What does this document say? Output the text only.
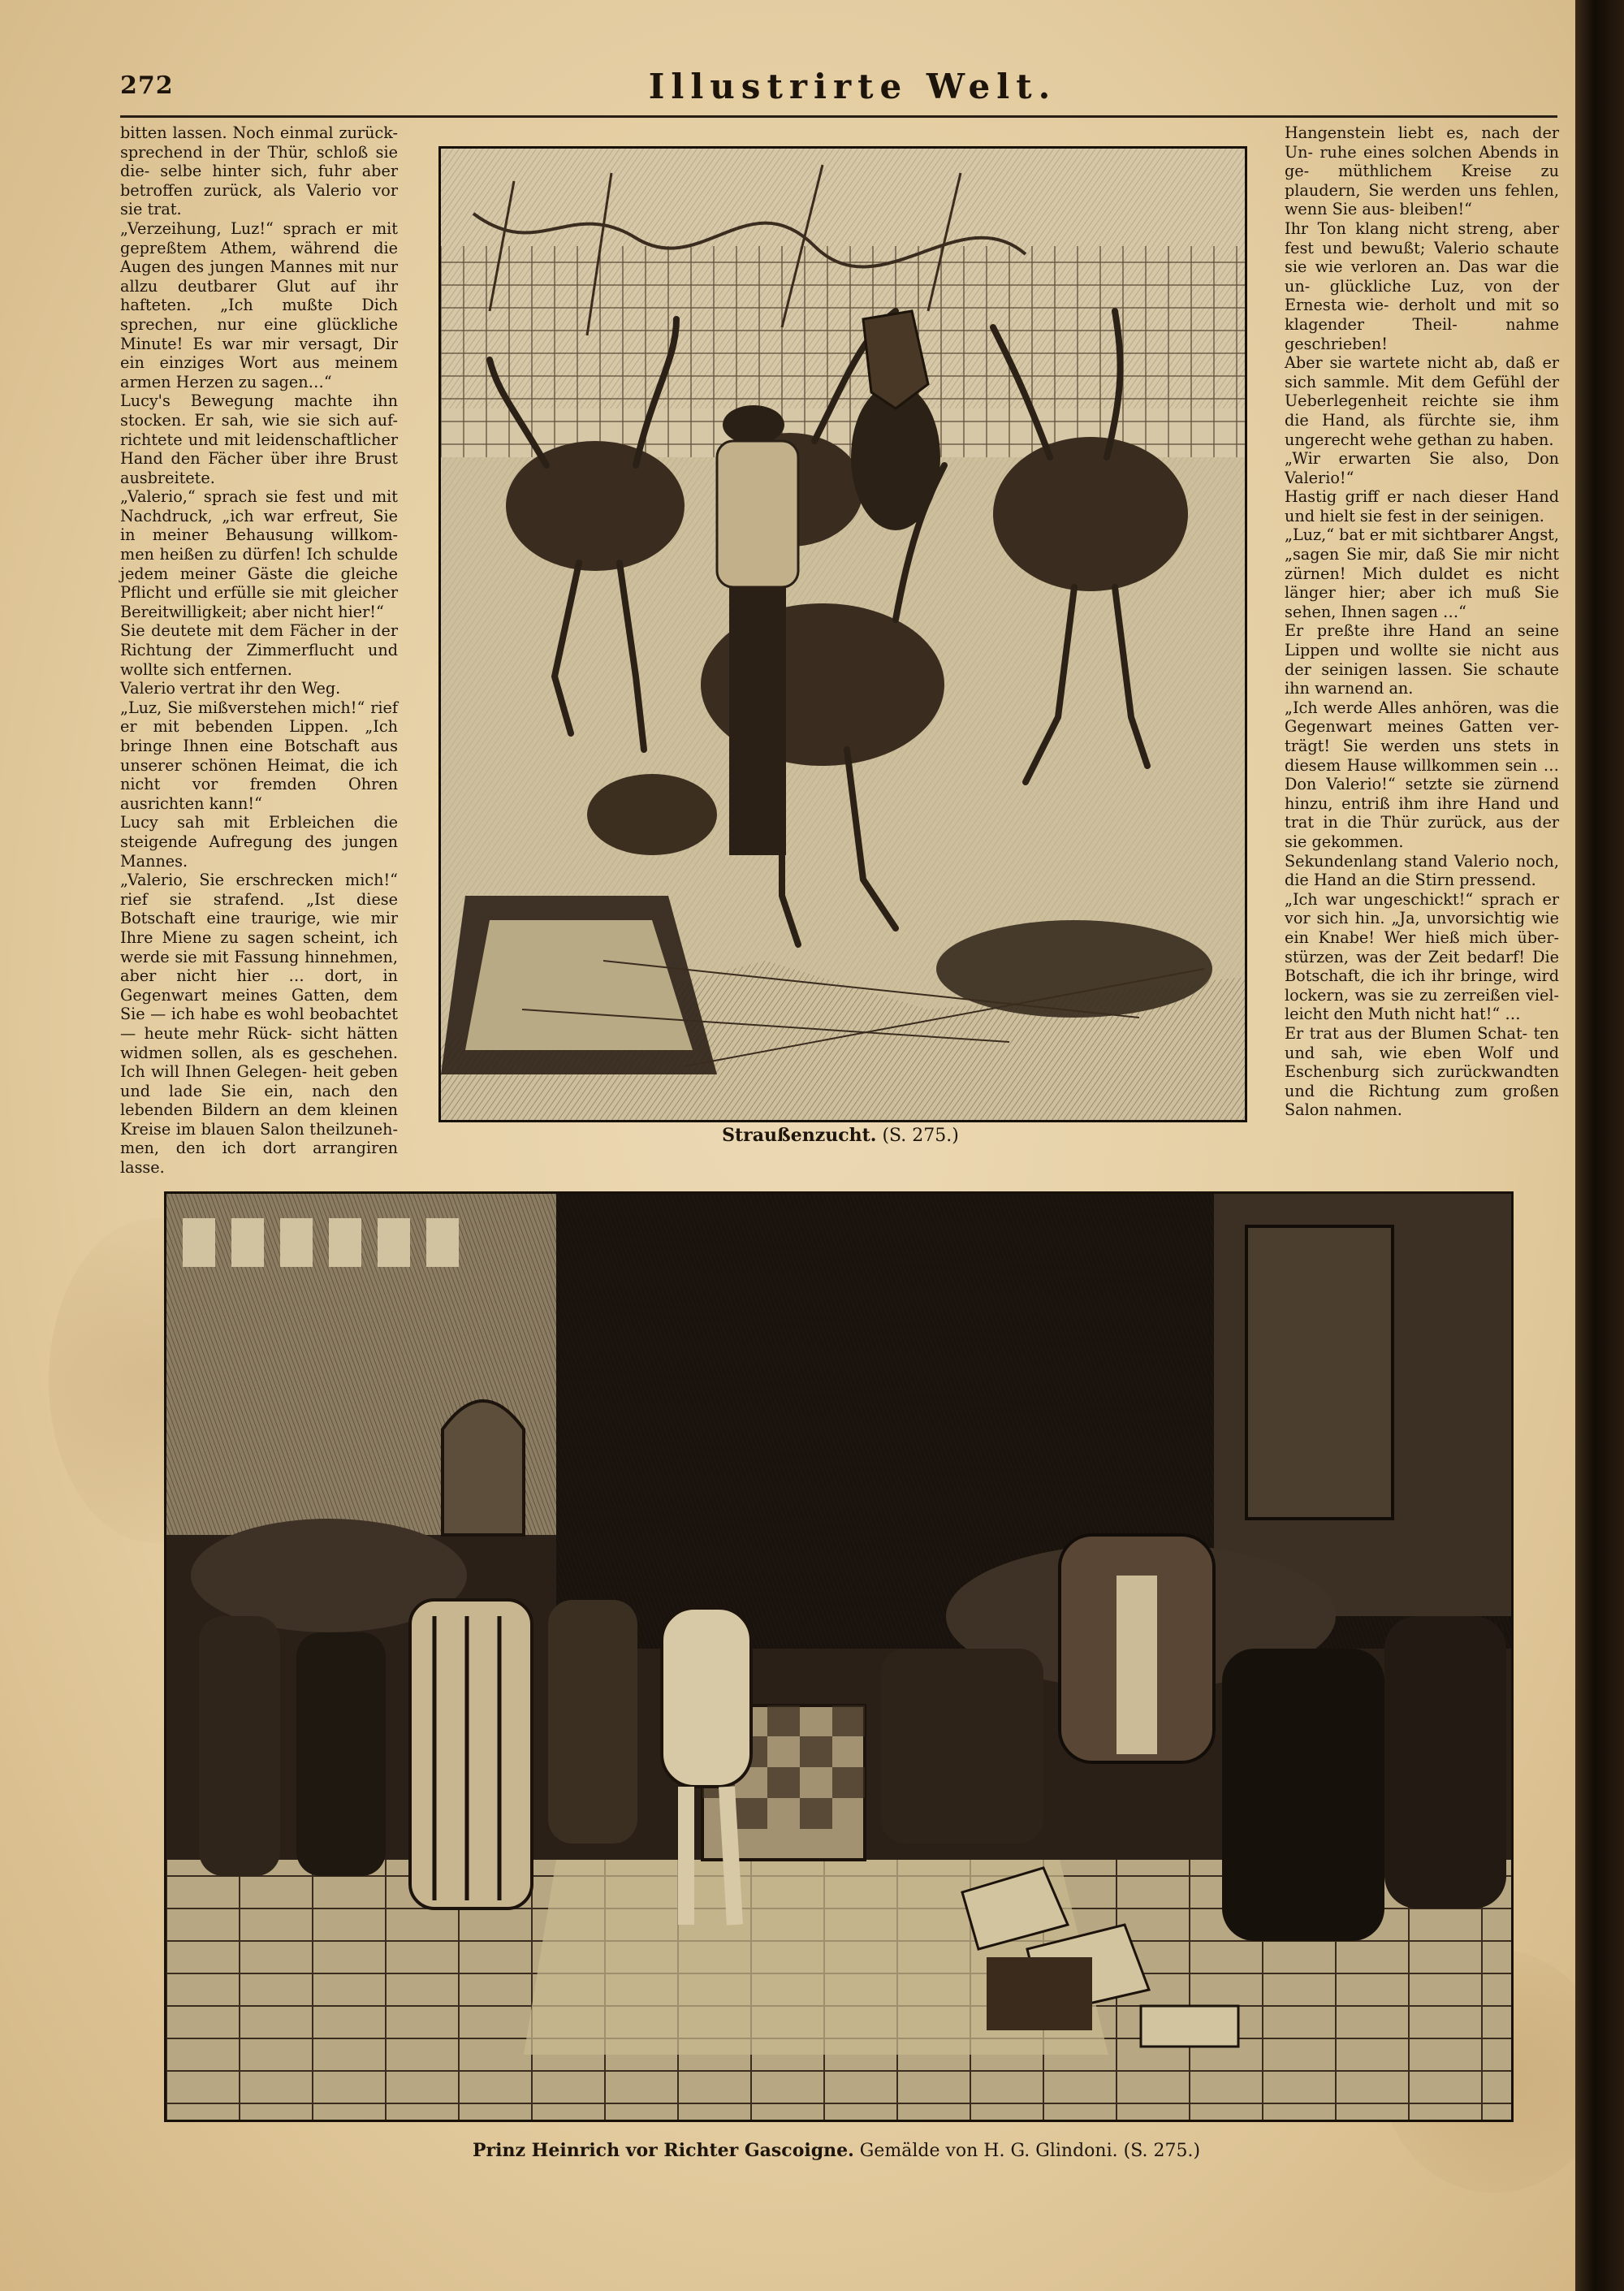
272	Illustrirte Welt.

bitten lassen. Noch einmal zurück- sprechend in der Thür, schloß sie die- selbe hinter sich, fuhr aber betroffen zurück, als Valerio vor sie trat.

„Verzeihung, Luz!“ sprach er mit gepreßtem Athem, während die Augen des jungen Mannes mit nur allzu deutbarer Glut auf ihr hafteten. „Ich mußte Dich sprechen, nur eine glückliche Minute! Es war mir versagt, Dir ein einziges Wort aus meinem armen Herzen zu sagen…“

Lucy's Bewegung machte ihn stocken. Er sah, wie sie sich auf- richtete und mit leidenschaftlicher Hand den Fächer über ihre Brust ausbreitete.

„Valerio,“ sprach sie fest und mit Nachdruck, „ich war erfreut, Sie in meiner Behausung willkom- men heißen zu dürfen! Ich schulde jedem meiner Gäste die gleiche Pflicht und erfülle sie mit gleicher Bereitwilligkeit; aber nicht hier!“

Sie deutete mit dem Fächer in der Richtung der Zimmerflucht und wollte sich entfernen.

Valerio vertrat ihr den Weg.

„Luz, Sie mißverstehen mich!“ rief er mit bebenden Lippen. „Ich bringe Ihnen eine Botschaft aus unserer schönen Heimat, die ich nicht vor fremden Ohren ausrichten kann!“

Lucy sah mit Erbleichen die steigende Aufregung des jungen Mannes.

„Valerio, Sie erschrecken mich!“ rief sie strafend. „Ist diese Botschaft eine traurige, wie mir Ihre Miene zu sagen scheint, ich werde sie mit Fassung hinnehmen, aber nicht hier … dort, in Gegenwart meines Gatten, dem Sie — ich habe es wohl beobachtet — heute mehr Rück- sicht hätten widmen sollen, als es geschehen. Ich will Ihnen Gelegen- heit geben und lade Sie ein, nach den lebenden Bildern an dem kleinen Kreise im blauen Salon theilzuneh- men, den ich dort arrangiren lasse.

Straußenzucht. (S. 275.)

Hangenstein liebt es, nach der Un- ruhe eines solchen Abends in ge- müthlichem Kreise zu plaudern, Sie werden uns fehlen, wenn Sie aus- bleiben!“

Ihr Ton klang nicht streng, aber fest und bewußt; Valerio schaute sie wie verloren an. Das war die un- glückliche Luz, von der Ernesta wie- derholt und mit so klagender Theil- nahme geschrieben!

Aber sie wartete nicht ab, daß er sich sammle. Mit dem Gefühl der Ueberlegenheit reichte sie ihm die Hand, als fürchte sie, ihm ungerecht wehe gethan zu haben.

„Wir erwarten Sie also, Don Valerio!“

Hastig griff er nach dieser Hand und hielt sie fest in der seinigen.

„Luz,“ bat er mit sichtbarer Angst, „sagen Sie mir, daß Sie mir nicht zürnen! Mich duldet es nicht länger hier; aber ich muß Sie sehen, Ihnen sagen …“

Er preßte ihre Hand an seine Lippen und wollte sie nicht aus der seinigen lassen. Sie schaute ihn warnend an.

„Ich werde Alles anhören, was die Gegenwart meines Gatten ver- trägt! Sie werden uns stets in diesem Hause willkommen sein … Don Valerio!“ setzte sie zürnend hinzu, entriß ihm ihre Hand und trat in die Thür zurück, aus der sie gekommen.

Sekundenlang stand Valerio noch, die Hand an die Stirn pressend.

„Ich war ungeschickt!“ sprach er vor sich hin. „Ja, unvorsichtig wie ein Knabe! Wer hieß mich über- stürzen, was der Zeit bedarf! Die Botschaft, die ich ihr bringe, wird lockern, was sie zu zerreißen viel- leicht den Muth nicht hat!“ …

Er trat aus der Blumen Schat- ten und sah, wie eben Wolf und Eschenburg sich zurückwandten und die Richtung zum großen Salon nahmen.

Prinz Heinrich vor Richter Gascoigne. Gemälde von H. G. Glindoni. (S. 275.)
